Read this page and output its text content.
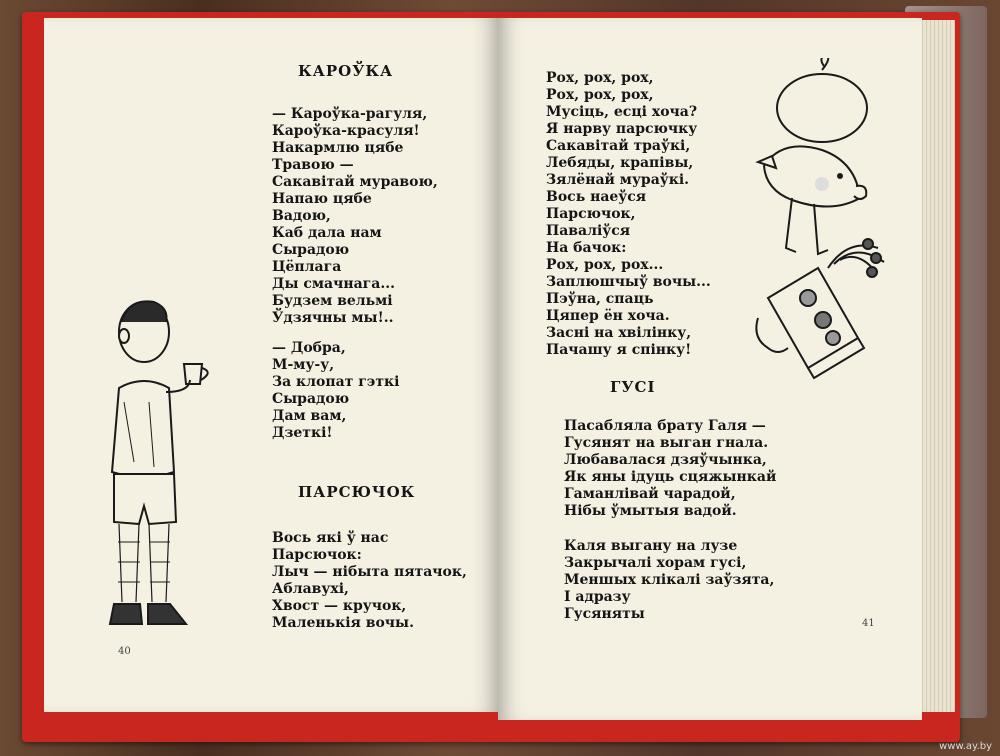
КАРОЎКА
— Кароўка-рагуля,
Кароўка-красуля!
Накармлю цябе
Травою —
Сакавітай муравою,
Напаю цябе
Вадою,
Каб дала нам
Сырадою
Цёплага
Ды смачнага...
Будзем вельмі
Ўдзячны мы!..
— Добра,
М-му-у,
За клопат гэткі
Сырадою
Дам вам,
Дзеткі!
ПАРСЮЧОК
Вось які ў нас
Парсючок:
Лыч — нібыта пятачок,
Аблавухі,
Хвост — кручок,
Маленькія вочы.
40
Рох, рох, рох,
Рох, рох, рох,
Мусіць, есці хоча?
Я нарву парсючку
Сакавітай траўкі,
Лебяды, крапівы,
Зялёнай мураўкі.
Вось наеўся
Парсючок,
Паваліўся
На бачок:
Рох, рох, рох...
Заплюшчыў вочы...
Пэўна, спаць
Цяпер ён хоча.
Засні на хвілінку,
Пачашу я спінку!
ГУСІ
Пасабляла брату Галя —
Гусянят на выган гнала.
Любавалася дзяўчынка,
Як яны ідуць сцяжынкай
Гаманлівай чарадой,
Нібы ўмытыя вадой.
Каля выгану на лузе
Закрычалі хорам гусі,
Меншых клікалі заўзята,
І адразу
Гусяняты
41
www.ay.by
